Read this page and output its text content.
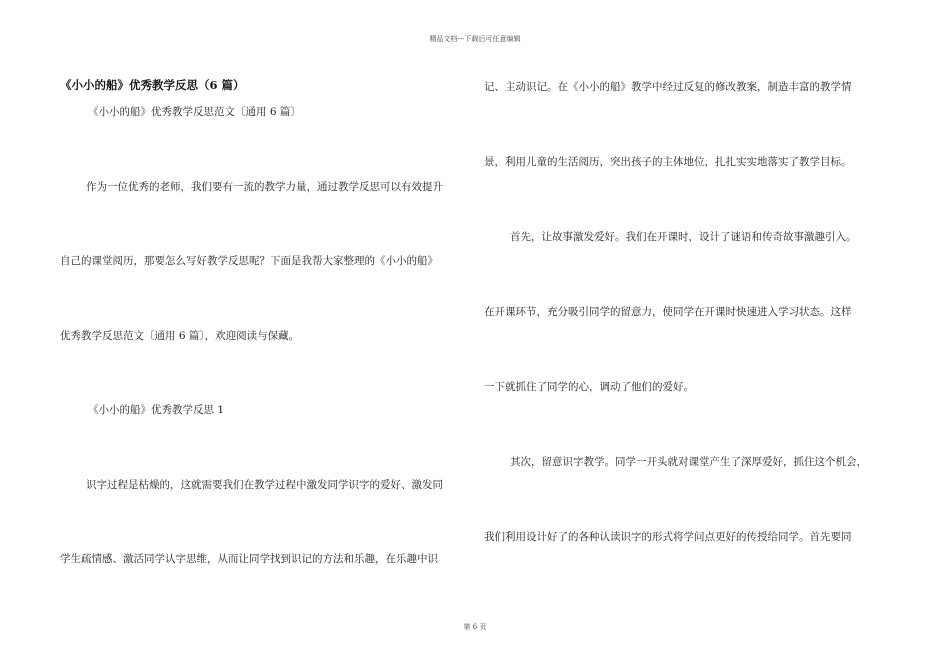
精品文档---下载后可任意编辑
《小小的船》优秀教学反思（6 篇）
《小小的船》优秀教学反思范文〔通用 6 篇〕
作为一位优秀的老师，我们要有一流的教学力量，通过教学反思可以有效提升
自己的课堂阅历，那要怎么写好教学反思呢？下面是我帮大家整理的《小小的船》
优秀教学反思范文〔通用 6 篇〕，欢迎阅读与保藏。
《小小的船》优秀教学反思 1
识字过程是枯燥的，这就需要我们在教学过程中激发同学识字的爱好、激发同
学生疏情感、激活同学认字思维，从而让同学找到识记的方法和乐趣，在乐趣中识
记、主动识记。在《小小的船》教学中经过反复的修改教案，制造丰富的教学情
景，利用儿童的生活阅历，突出孩子的主体地位，扎扎实实地落实了教学目标。
首先，让故事激发爱好。我们在开课时，设计了谜语和传奇故事激趣引入。
在开课环节，充分吸引同学的留意力，使同学在开课时快速进入学习状态。这样
一下就抓住了同学的心，调动了他们的爱好。
其次，留意识字教学。同学一开头就对课堂产生了深厚爱好，抓住这个机会，
我们利用设计好了的各种认读识字的形式将学问点更好的传授给同学。首先要同
第 6 页
